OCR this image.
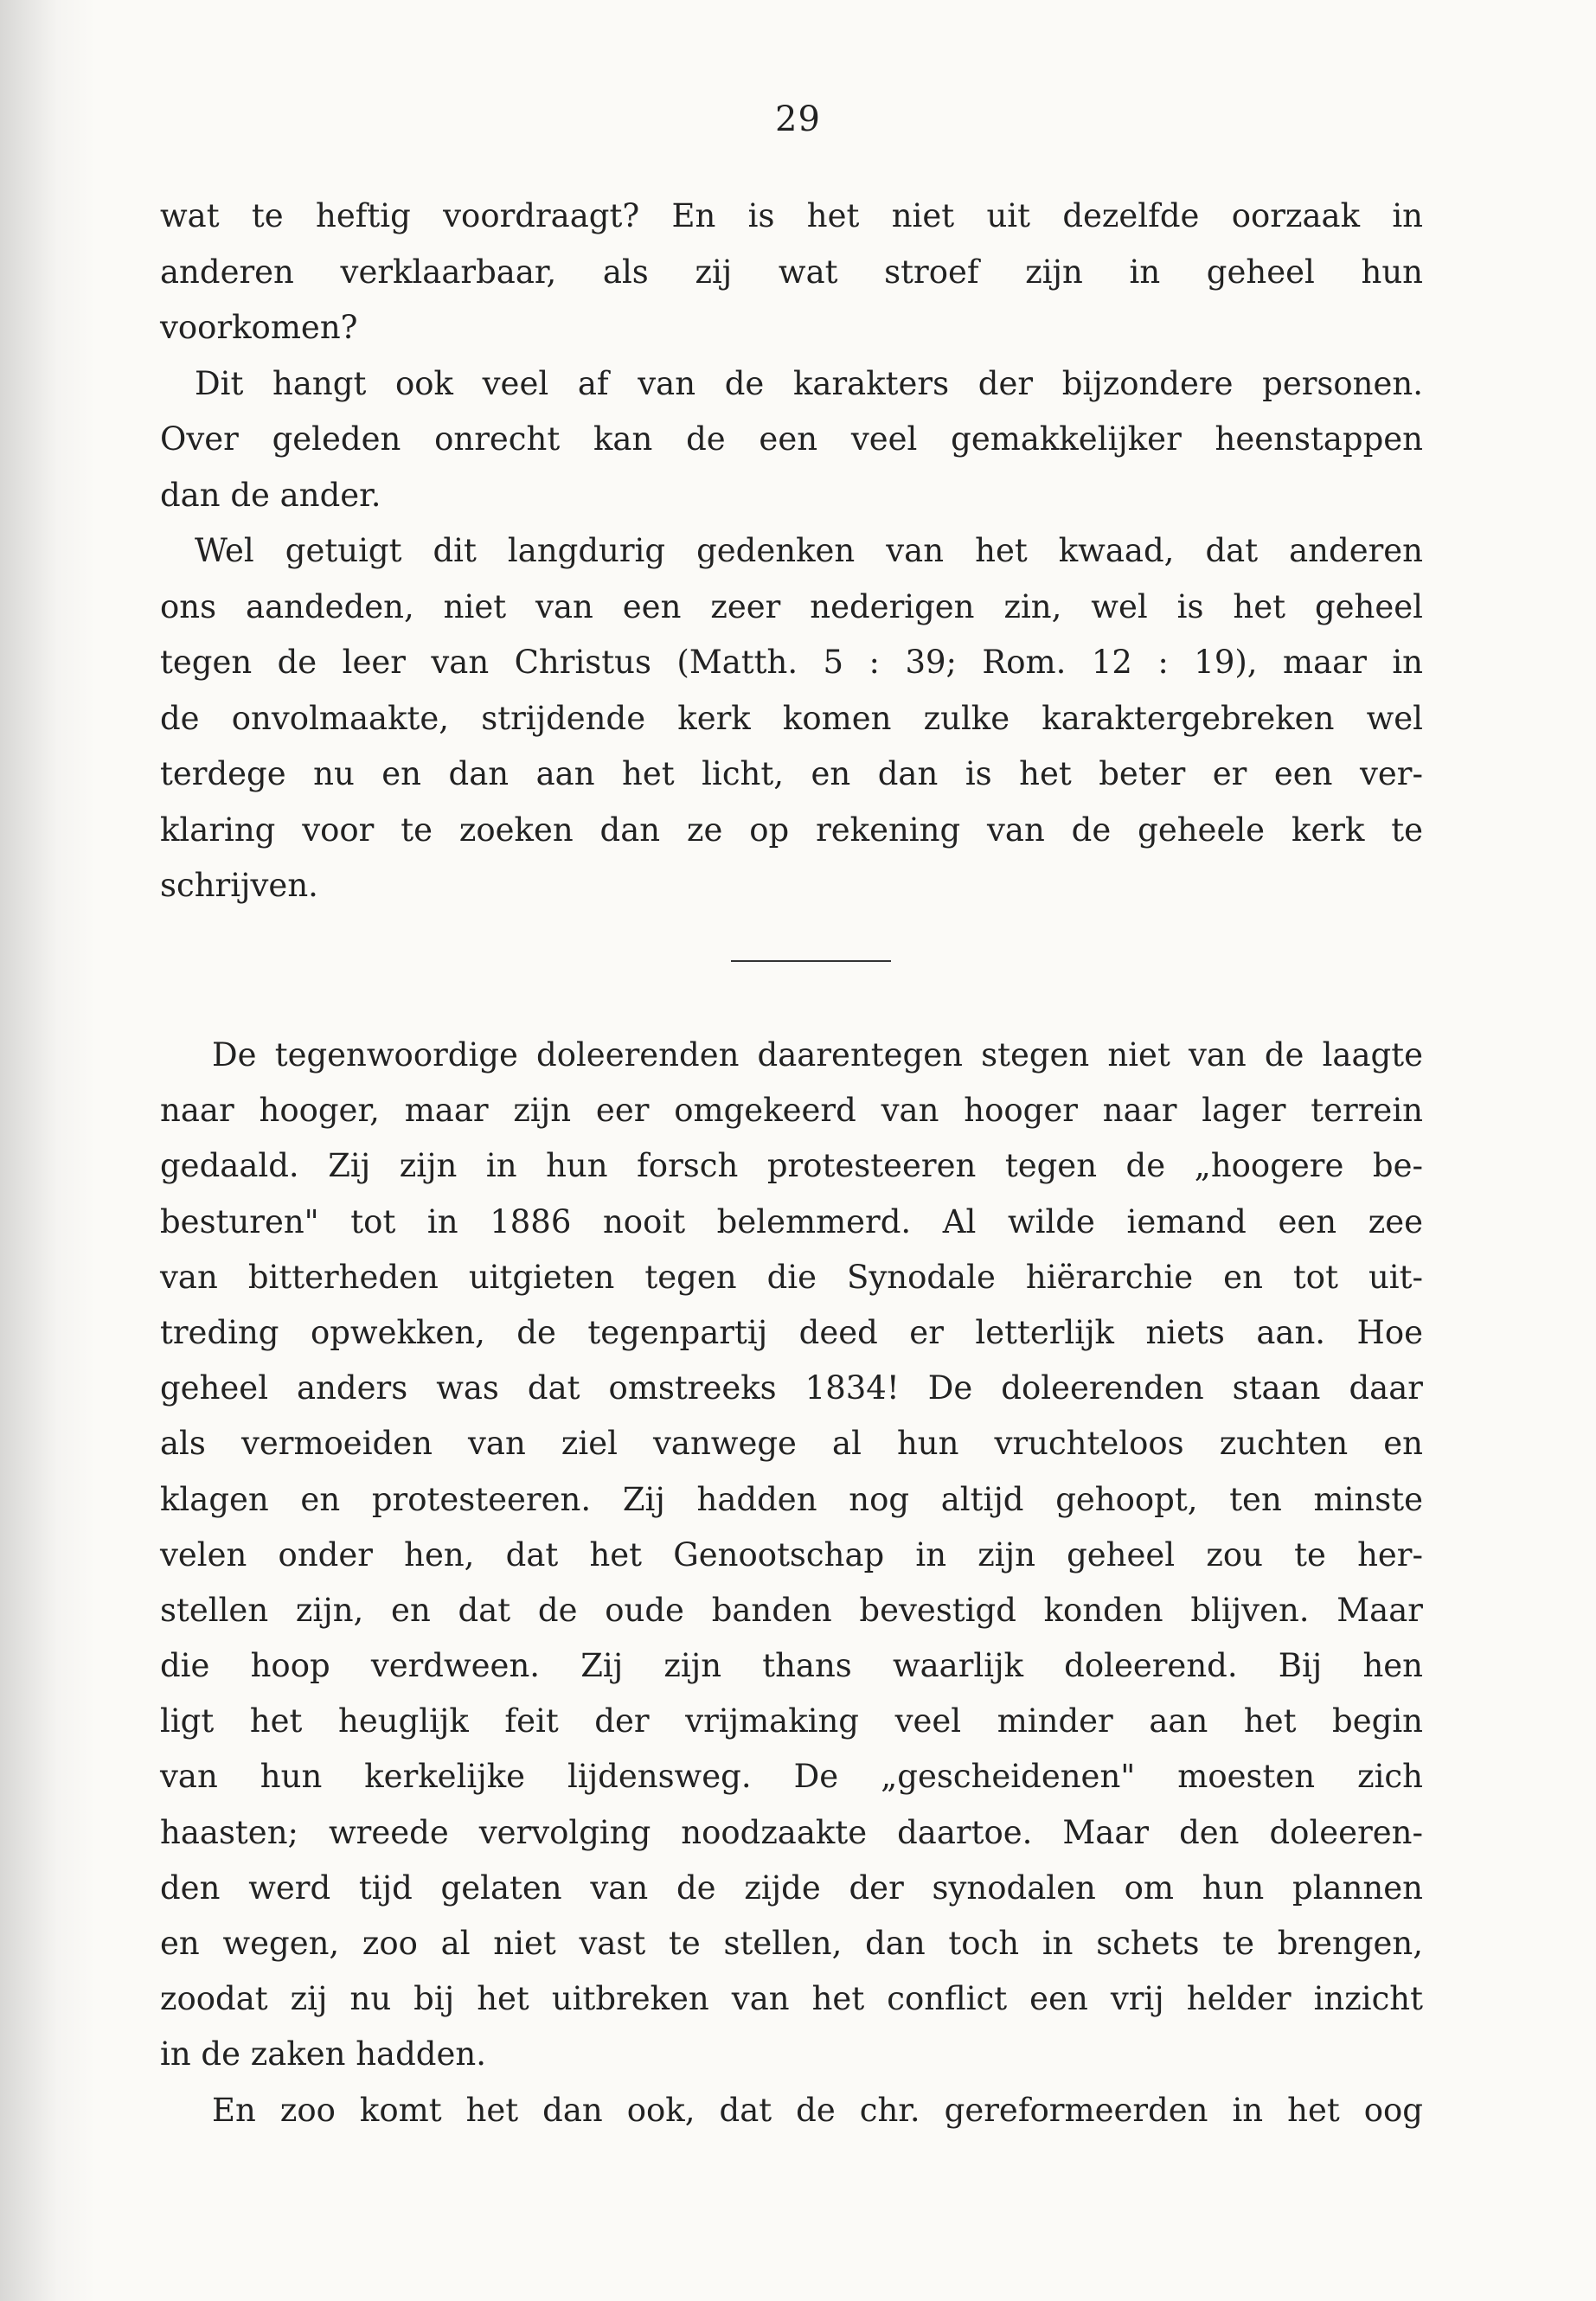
29
wat te heftig voordraagt? En is het niet uit dezelfde oorzaak in
anderen verklaarbaar, als zij wat stroef zijn in geheel hun
voorkomen?
Dit hangt ook veel af van de karakters der bijzondere personen.
Over geleden onrecht kan de een veel gemakkelijker heenstappen
dan de ander.
Wel getuigt dit langdurig gedenken van het kwaad, dat anderen
ons aandeden, niet van een zeer nederigen zin, wel is het geheel
tegen de leer van Christus (Matth. 5 : 39; Rom. 12 : 19), maar in
de onvolmaakte, strijdende kerk komen zulke karaktergebreken wel
terdege nu en dan aan het licht, en dan is het beter er een ver-
klaring voor te zoeken dan ze op rekening van de geheele kerk te
schrijven.
De tegenwoordige doleerenden daarentegen stegen niet van de laagte
naar hooger, maar zijn eer omgekeerd van hooger naar lager terrein
gedaald. Zij zijn in hun forsch protesteeren tegen de „hoogere be-
besturen" tot in 1886 nooit belemmerd. Al wilde iemand een zee
van bitterheden uitgieten tegen die Synodale hiërarchie en tot uit-
treding opwekken, de tegenpartij deed er letterlijk niets aan. Hoe
geheel anders was dat omstreeks 1834! De doleerenden staan daar
als vermoeiden van ziel vanwege al hun vruchteloos zuchten en
klagen en protesteeren. Zij hadden nog altijd gehoopt, ten minste
velen onder hen, dat het Genootschap in zijn geheel zou te her-
stellen zijn, en dat de oude banden bevestigd konden blijven. Maar
die hoop verdween. Zij zijn thans waarlijk doleerend. Bij hen
ligt het heuglijk feit der vrijmaking veel minder aan het begin
van hun kerkelijke lijdensweg. De „gescheidenen" moesten zich
haasten; wreede vervolging noodzaakte daartoe. Maar den doleeren-
den werd tijd gelaten van de zijde der synodalen om hun plannen
en wegen, zoo al niet vast te stellen, dan toch in schets te brengen,
zoodat zij nu bij het uitbreken van het conflict een vrij helder inzicht
in de zaken hadden.
En zoo komt het dan ook, dat de chr. gereformeerden in het oog
